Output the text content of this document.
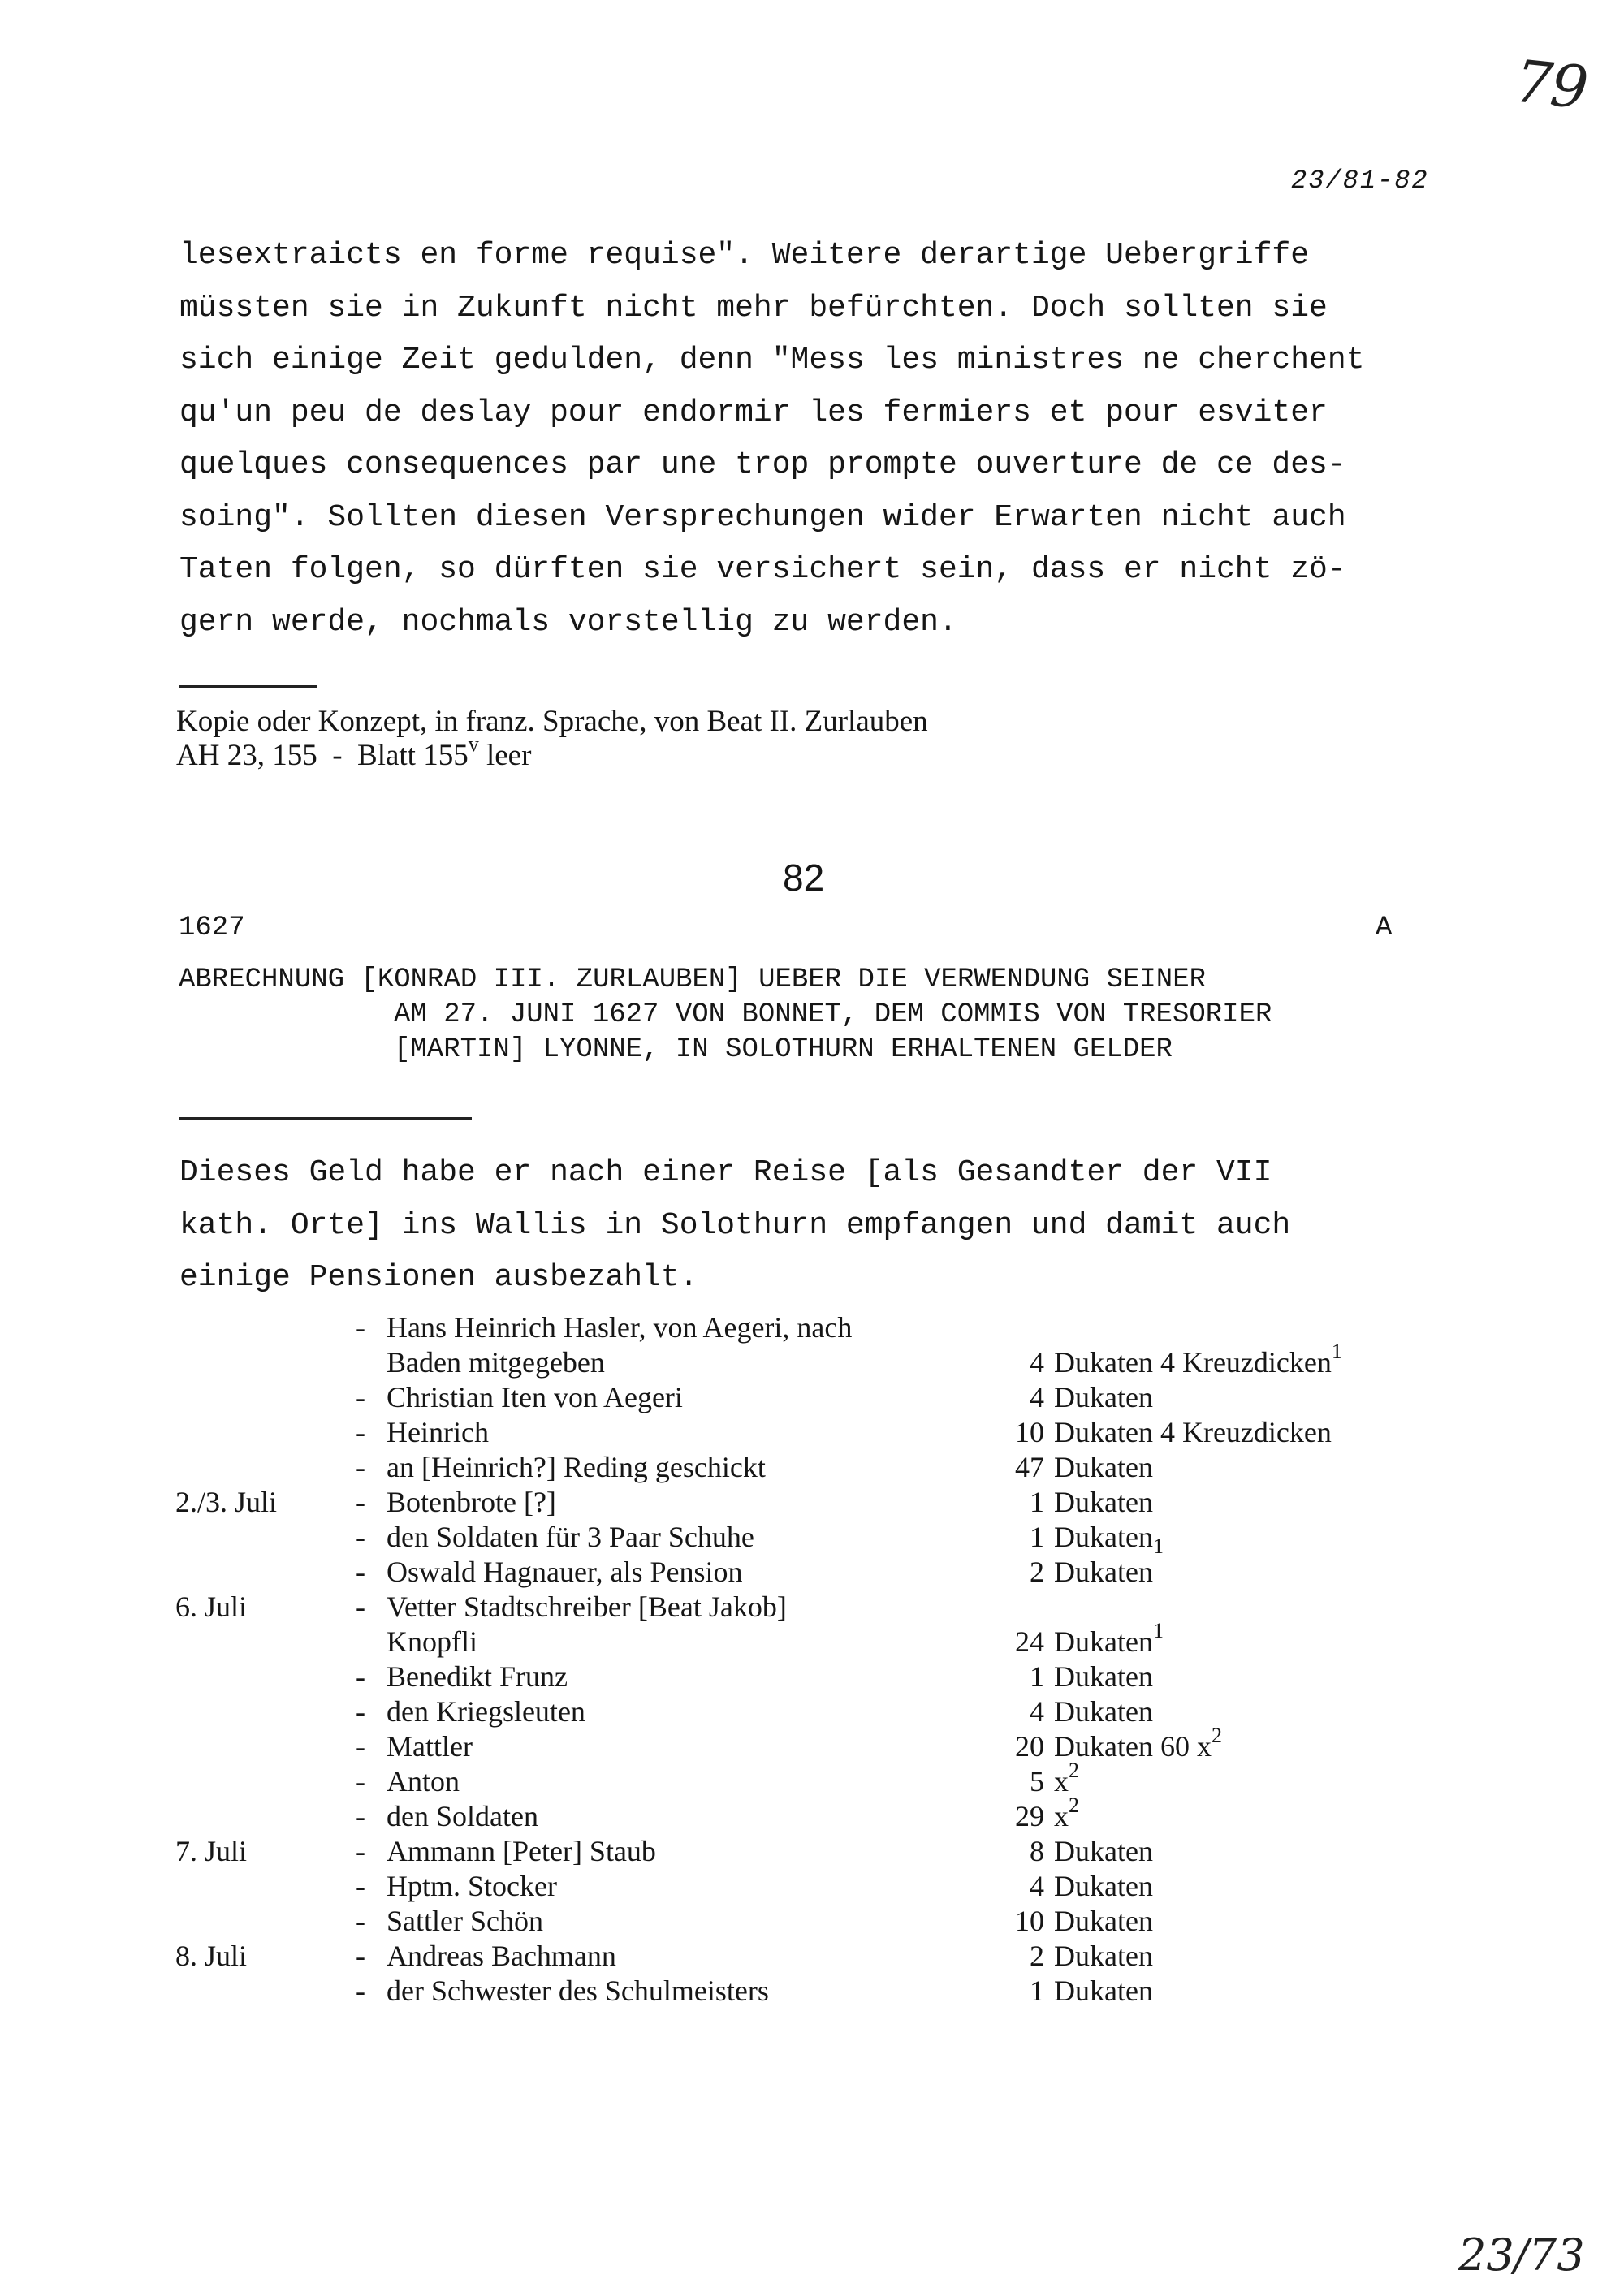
79
23/81-82
lesextraicts en forme requise". Weitere derartige Uebergriffe
müssten sie in Zukunft nicht mehr befürchten. Doch sollten sie
sich einige Zeit gedulden, denn "Mess les ministres ne cherchent
qu'un peu de deslay pour endormir les fermiers et pour esviter
quelques consequences par une trop prompte ouverture de ce des-
soing". Sollten diesen Versprechungen wider Erwarten nicht auch
Taten folgen, so dürften sie versichert sein, dass er nicht zö-
gern werde, nochmals vorstellig zu werden.
Kopie oder Konzept, in franz. Sprache, von Beat II. Zurlauben
AH 23, 155  -  Blatt 155$^v$ leer
82
1627	A
ABRECHNUNG [KONRAD III. ZURLAUBEN] UEBER DIE VERWENDUNG SEINER
AM 27. JUNI 1627 VON BONNET, DEM COMMIS VON TRESORIER
[MARTIN] LYONNE, IN SOLOTHURN ERHALTENEN GELDER
Dieses Geld habe er nach einer Reise [als Gesandter der VII
kath. Orte] ins Wallis in Solothurn empfangen und damit auch
einige Pensionen ausbezahlt.
- Hans Heinrich Hasler, von Aegeri, nach
Baden mitgegeben	4 Dukaten 4 Kreuzdicken$^1$
- Christian Iten von Aegeri	4 Dukaten
- Heinrich	10 Dukaten 4 Kreuzdicken
- an [Heinrich?] Reding geschickt	47 Dukaten
2./3. Juli	- Botenbrote [?]	1 Dukaten
- den Soldaten für 3 Paar Schuhe	1 Dukaten$_1$
- Oswald Hagnauer, als Pension	2 Dukaten
6. Juli	- Vetter Stadtschreiber [Beat Jakob]
Knopfli	24 Dukaten$^1$
- Benedikt Frunz	1 Dukaten
- den Kriegsleuten	4 Dukaten
- Mattler	20 Dukaten 60 $x^2$
- Anton	5 $x^2$
- den Soldaten	29 $x^2$
7. Juli	- Ammann [Peter] Staub	8 Dukaten
- Hptm. Stocker	4 Dukaten
- Sattler Schön	10 Dukaten
8. Juli	- Andreas Bachmann	2 Dukaten
- der Schwester des Schulmeisters	1 Dukaten
23/73
